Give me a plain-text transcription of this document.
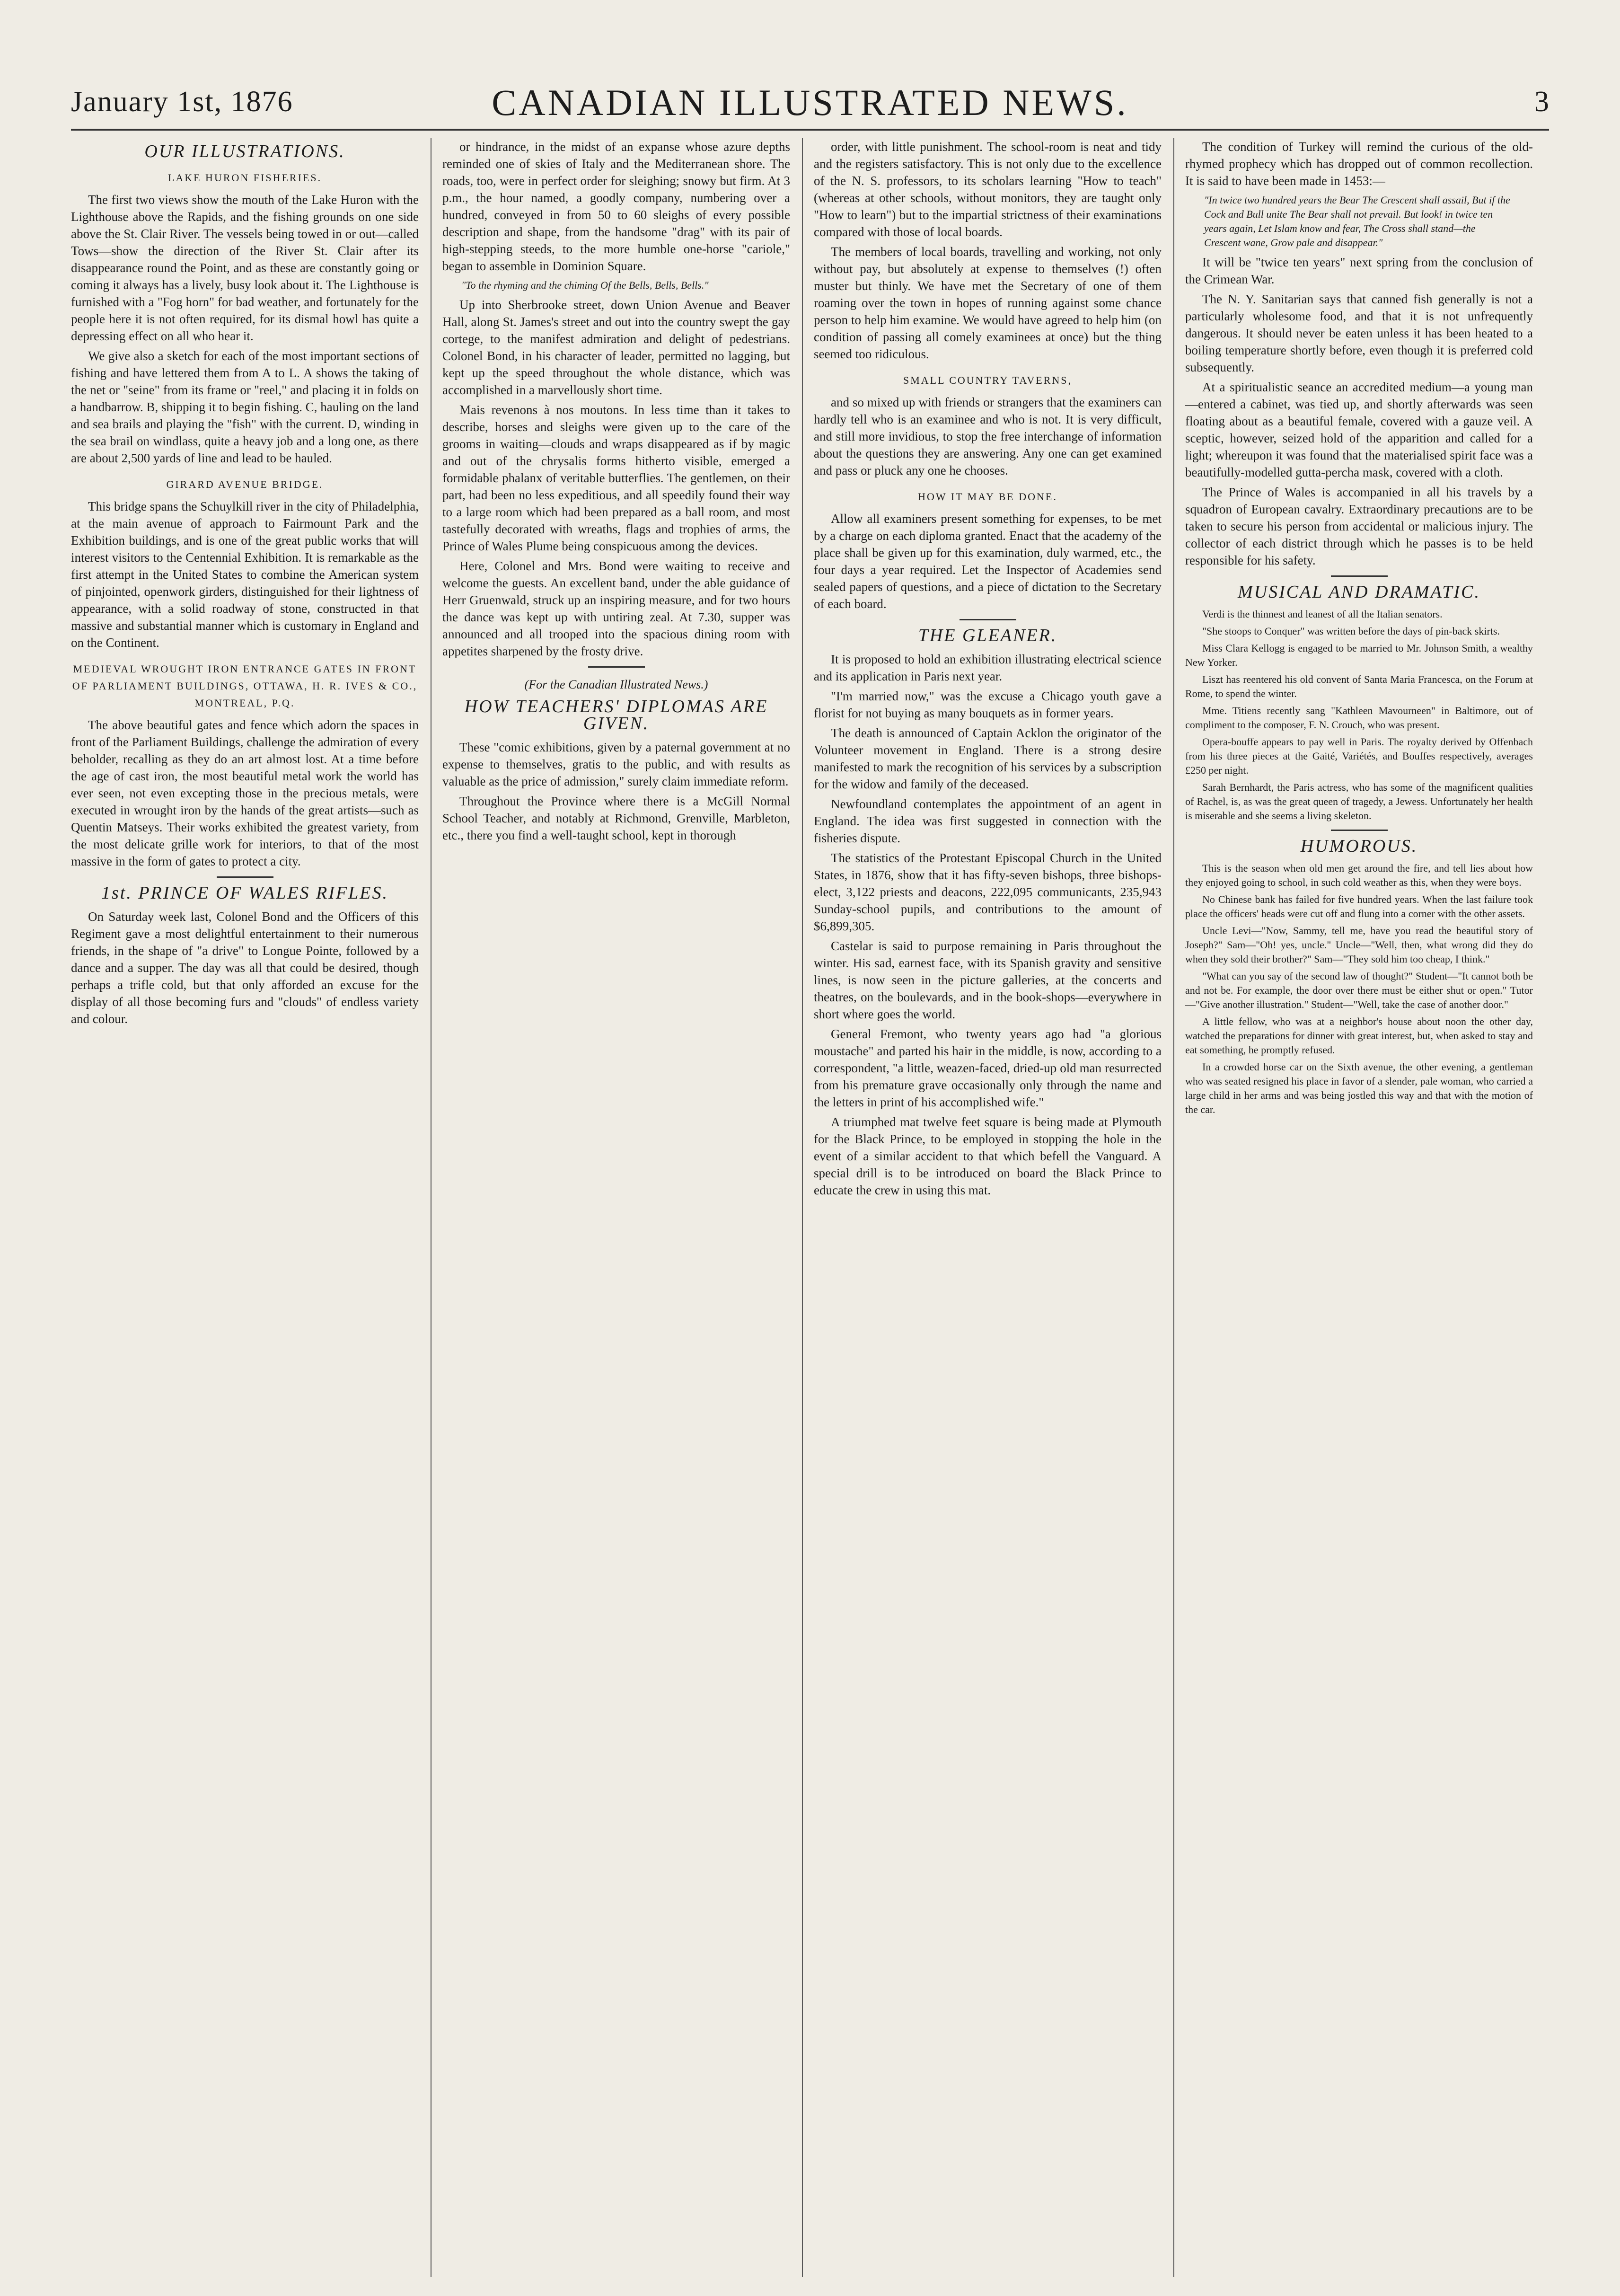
January 1st, 1876	CANADIAN ILLUSTRATED NEWS.	3
OUR ILLUSTRATIONS.
LAKE HURON FISHERIES.

The first two views show the mouth of the Lake Huron with the Lighthouse above the Rapids, and the fishing grounds on one side above the St. Clair River. The vessels being towed in or out—called Tows—show the direction of the River St. Clair after its disappearance round the Point, and as these are constantly going or coming it always has a lively, busy look about it. The Lighthouse is furnished with a "Fog horn" for bad weather, and fortunately for the people here it is not often required, for its dismal howl has quite a depressing effect on all who hear it.

We give also a sketch for each of the most important sections of fishing and have lettered them from A to L. A shows the taking of the net or "seine" from its frame or "reel," and placing it in folds on a handbarrow. B, shipping it to begin fishing. C, hauling on the land and sea brails and playing the "fish" with the current. D, winding in the sea brail on windlass, quite a heavy job and a long one, as there are about 2,500 yards of line and lead to be hauled.

GIRARD AVENUE BRIDGE.

This bridge spans the Schuylkill river in the city of Philadelphia, at the main avenue of approach to Fairmount Park and the Exhibition buildings, and is one of the great public works that will interest visitors to the Centennial Exhibition. It is remarkable as the first attempt in the United States to combine the American system of pinjointed, openwork girders, distinguished for their lightness of appearance, with a solid roadway of stone, constructed in that massive and substantial manner which is customary in England and on the Continent.

MEDIEVAL WROUGHT IRON ENTRANCE GATES IN FRONT OF PARLIAMENT BUILDINGS, OTTAWA, H. R. IVES & CO., MONTREAL, P.Q.

The above beautiful gates and fence which adorn the spaces in front of the Parliament Buildings, challenge the admiration of every beholder, recalling as they do an art almost lost. At a time before the age of cast iron, the most beautiful metal work the world has ever seen, not even excepting those in the precious metals, were executed in wrought iron by the hands of the great artists—such as Quentin Matseys. Their works exhibited the greatest variety, from the most delicate grille work for interiors, to that of the most massive in the form of gates to protect a city.

1st. PRINCE OF WALES RIFLES.

On Saturday week last, Colonel Bond and the Officers of this Regiment gave a most delightful entertainment to their numerous friends, in the shape of "a drive" to Longue Pointe, followed by a dance and a supper. The day was all that could be desired, though perhaps a trifle cold, but that only afforded an excuse for the display of all those becoming furs and "clouds" of endless variety and colour.

or hindrance, in the midst of an expanse whose azure depths reminded one of skies of Italy and the Mediterranean shore. The roads, too, were in perfect order for sleighing; snowy but firm. At 3 p.m., the hour named, a goodly company, numbering over a hundred, conveyed in from 50 to 60 sleighs of every possible description and shape, from the handsome "drag" with its pair of high-stepping steeds, to the more humble one-horse "cariole," began to assemble in Dominion Square.

"To the rhyming and the chiming Of the Bells, Bells, Bells."

Up into Sherbrooke street, down Union Avenue and Beaver Hall, along St. James's street and out into the country swept the gay cortege, to the manifest admiration and delight of pedestrians. Colonel Bond, in his character of leader, permitted no lagging, but kept up the speed throughout the whole distance, which was accomplished in a marvellously short time.

Mais revenons à nos moutons. In less time than it takes to describe, horses and sleighs were given up to the care of the grooms in waiting—clouds and wraps disappeared as if by magic and out of the chrysalis forms hitherto visible, emerged a formidable phalanx of veritable butterflies. The gentlemen, on their part, had been no less expeditious, and all speedily found their way to a large room which had been prepared as a ball room, and most tastefully decorated with wreaths, flags and trophies of arms, the Prince of Wales Plume being conspicuous among the devices.

Here, Colonel and Mrs. Bond were waiting to receive and welcome the guests. An excellent band, under the able guidance of Herr Gruenwald, struck up an inspiring measure, and for two hours the dance was kept up with untiring zeal. At 7.30, supper was announced and all trooped into the spacious dining room with appetites sharpened by the frosty drive.

(For the Canadian Illustrated News.)
HOW TEACHERS' DIPLOMAS ARE GIVEN.

These "comic exhibitions, given by a paternal government at no expense to themselves, gratis to the public, and with results as valuable as the price of admission," surely claim immediate reform.

Throughout the Province where there is a McGill Normal School Teacher, and notably at Richmond, Grenville, Marbleton, etc., there you find a well-taught school, kept in thorough

order, with little punishment. The school-room is neat and tidy and the registers satisfactory. This is not only due to the excellence of the N. S. professors, to its scholars learning "How to teach" (whereas at other schools, without monitors, they are taught only "How to learn") but to the impartial strictness of their examinations compared with those of local boards.

The members of local boards, travelling and working, not only without pay, but absolutely at expense to themselves (!) often muster but thinly. We have met the Secretary of one of them roaming over the town in hopes of running against some chance person to help him examine. We would have agreed to help him (on condition of passing all comely examinees at once) but the thing seemed too ridiculous.

SMALL COUNTRY TAVERNS,

and so mixed up with friends or strangers that the examiners can hardly tell who is an examinee and who is not. It is very difficult, and still more invidious, to stop the free interchange of information about the questions they are answering. Any one can get examined and pass or pluck any one he chooses.

HOW IT MAY BE DONE.

Allow all examiners present something for expenses, to be met by a charge on each diploma granted. Enact that the academy of the place shall be given up for this examination, duly warmed, etc., the four days a year required. Let the Inspector of Academies send sealed papers of questions, and a piece of dictation to the Secretary of each board.

THE GLEANER.

It is proposed to hold an exhibition illustrating electrical science and its application in Paris next year.

"I'm married now," was the excuse a Chicago youth gave a florist for not buying as many bouquets as in former years.

The death is announced of Captain Acklon the originator of the Volunteer movement in England. There is a strong desire manifested to mark the recognition of his services by a subscription for the widow and family of the deceased.

Newfoundland contemplates the appointment of an agent in England. The idea was first suggested in connection with the fisheries dispute.

The statistics of the Protestant Episcopal Church in the United States, in 1876, show that it has fifty-seven bishops, three bishops-elect, 3,122 priests and deacons, 222,095 communicants, 235,943 Sunday-school pupils, and contributions to the amount of $6,899,305.

Castelar is said to purpose remaining in Paris throughout the winter. His sad, earnest face, with its Spanish gravity and sensitive lines, is now seen in the picture galleries, at the concerts and theatres, on the boulevards, and in the book-shops—everywhere in short where goes the world.

General Fremont, who twenty years ago had "a glorious moustache" and parted his hair in the middle, is now, according to a correspondent, "a little, weazen-faced, dried-up old man resurrected from his premature grave occasionally only through the name and the letters in print of his accomplished wife."

A triumphed mat twelve feet square is being made at Plymouth for the Black Prince, to be employed in stopping the hole in the event of a similar accident to that which befell the Vanguard. A special drill is to be introduced on board the Black Prince to educate the crew in using this mat.

The condition of Turkey will remind the curious of the old-rhymed prophecy which has dropped out of common recollection. It is said to have been made in 1453:—

"In twice two hundred years the Bear The Crescent shall assail, But if the Cock and Bull unite The Bear shall not prevail. But look! in twice ten years again, Let Islam know and fear, The Cross shall stand—the Crescent wane, Grow pale and disappear."

It will be "twice ten years" next spring from the conclusion of the Crimean War.

The N. Y. Sanitarian says that canned fish generally is not a particularly wholesome food, and that it is not unfrequently dangerous. It should never be eaten unless it has been heated to a boiling temperature shortly before, even though it is preferred cold subsequently.

At a spiritualistic seance an accredited medium—a young man—entered a cabinet, was tied up, and shortly afterwards was seen floating about as a beautiful female, covered with a gauze veil. A sceptic, however, seized hold of the apparition and called for a light; whereupon it was found that the materialised spirit face was a beautifully-modelled gutta-percha mask, covered with a cloth.

The Prince of Wales is accompanied in all his travels by a squadron of European cavalry. Extraordinary precautions are to be taken to secure his person from accidental or malicious injury. The collector of each district through which he passes is to be held responsible for his safety.

MUSICAL AND DRAMATIC.

Verdi is the thinnest and leanest of all the Italian senators.

"She stoops to Conquer" was written before the days of pin-back skirts.

Miss Clara Kellogg is engaged to be married to Mr. Johnson Smith, a wealthy New Yorker.

Liszt has reentered his old convent of Santa Maria Francesca, on the Forum at Rome, to spend the winter.

Mme. Titiens recently sang "Kathleen Mavourneen" in Baltimore, out of compliment to the composer, F. N. Crouch, who was present.

Opera-bouffe appears to pay well in Paris. The royalty derived by Offenbach from his three pieces at the Gaité, Variétés, and Bouffes respectively, averages £250 per night.

Sarah Bernhardt, the Paris actress, who has some of the magnificent qualities of Rachel, is, as was the great queen of tragedy, a Jewess. Unfortunately her health is miserable and she seems a living skeleton.

HUMOROUS.

This is the season when old men get around the fire, and tell lies about how they enjoyed going to school, in such cold weather as this, when they were boys.

No Chinese bank has failed for five hundred years. When the last failure took place the officers' heads were cut off and flung into a corner with the other assets.

Uncle Levi—"Now, Sammy, tell me, have you read the beautiful story of Joseph?" Sam—"Oh! yes, uncle." Uncle—"Well, then, what wrong did they do when they sold their brother?" Sam—"They sold him too cheap, I think."

"What can you say of the second law of thought?" Student—"It cannot both be and not be. For example, the door over there must be either shut or open." Tutor—"Give another illustration." Student—"Well, take the case of another door."

A little fellow, who was at a neighbor's house about noon the other day, watched the preparations for dinner with great interest, but, when asked to stay and eat something, he promptly refused.

In a crowded horse car on the Sixth avenue, the other evening, a gentleman who was seated resigned his place in favor of a slender, pale woman, who carried a large child in her arms and was being jostled this way and that with the motion of the car.
